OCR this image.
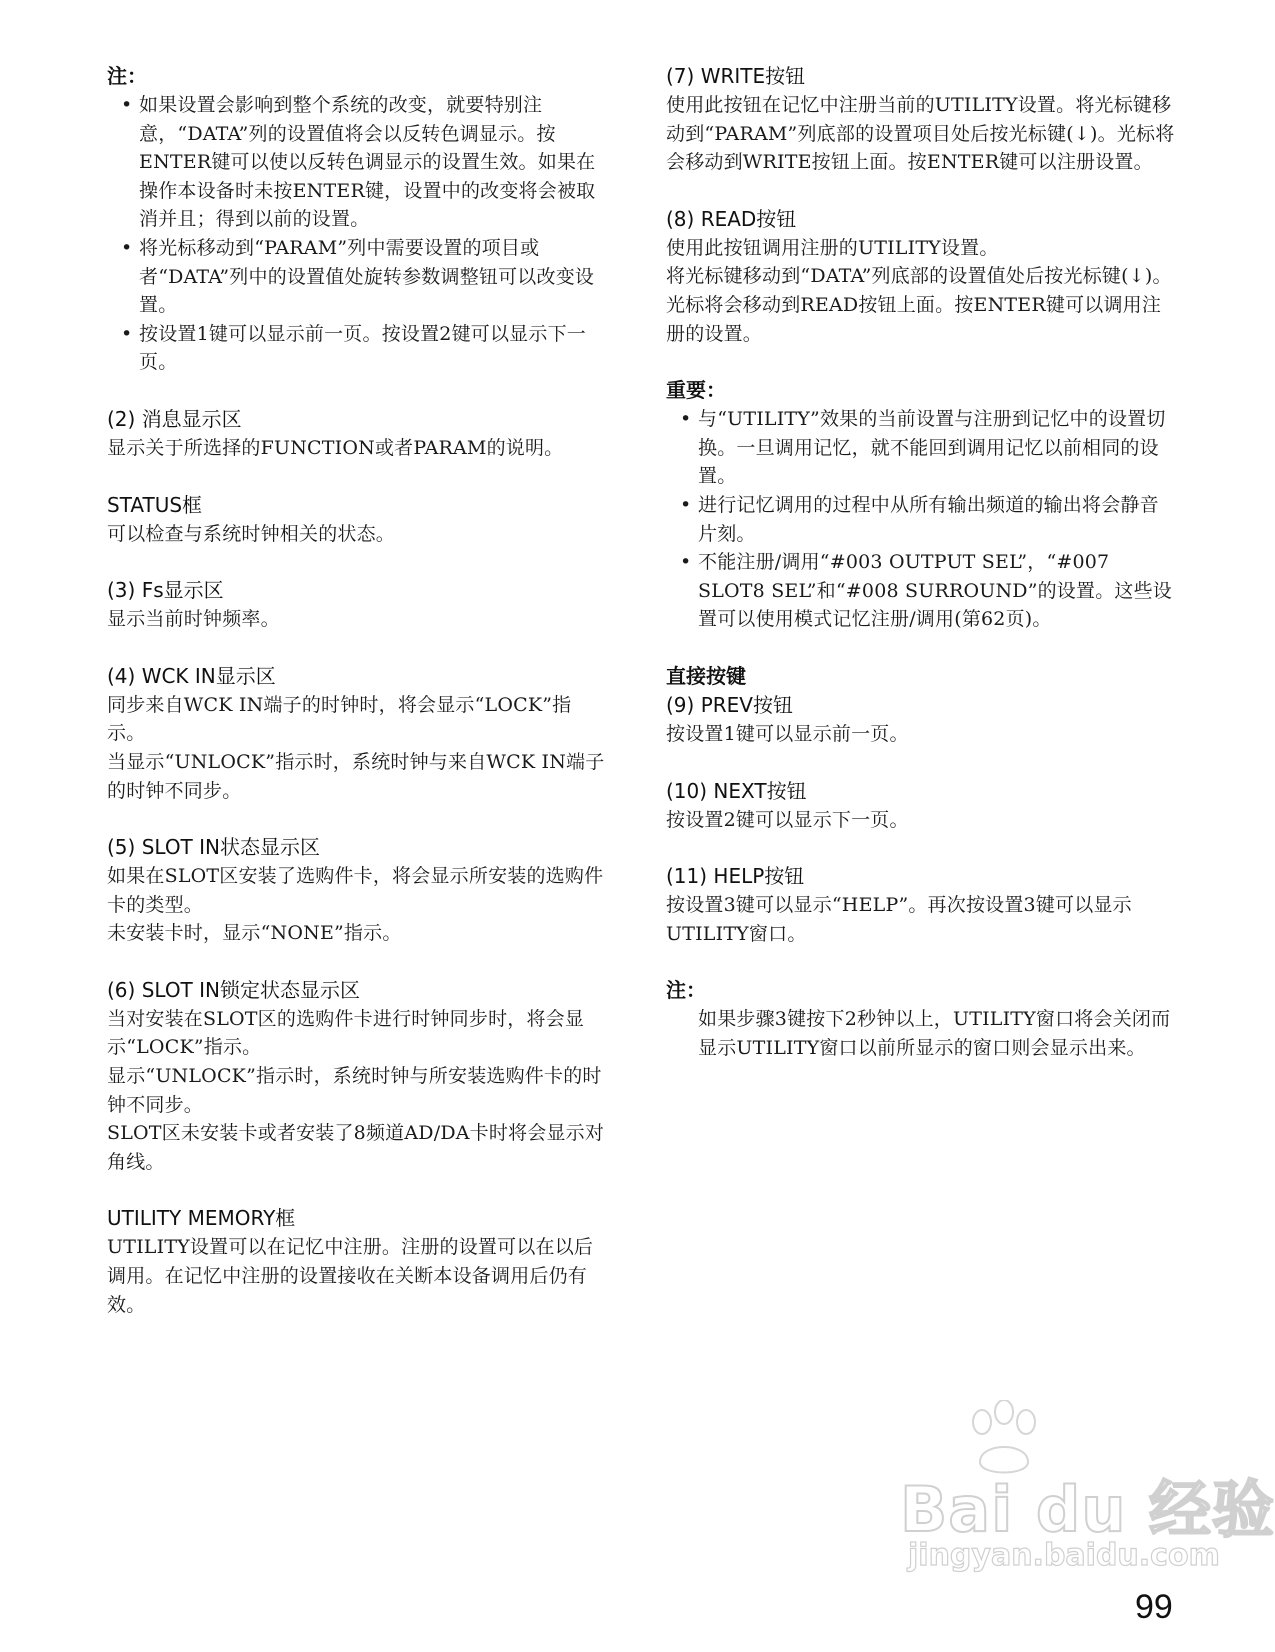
注：
• 如果设置会影响到整个系统的改变，就要特别注意，“DATA”列的设置值将会以反转色调显示。按ENTER键可以使以反转色调显示的设置生效。如果在操作本设备时未按ENTER键，设置中的改变将会被取消并且；得到以前的设置。
• 将光标移动到“PARAM”列中需要设置的项目或者“DATA”列中的设置值处旋转参数调整钮可以改变设置。
• 按设置1键可以显示前一页。按设置2键可以显示下一页。
(2) 消息显示区
显示关于所选择的FUNCTION或者PARAM的说明。
STATUS框
可以检查与系统时钟相关的状态。
(3) Fs显示区
显示当前时钟频率。
(4) WCK IN显示区
同步来自WCK IN端子的时钟时，将会显示“LOCK”指示。
当显示“UNLOCK”指示时，系统时钟与来自WCK IN端子的时钟不同步。
(5) SLOT IN状态显示区
如果在SLOT区安装了选购件卡，将会显示所安装的选购件卡的类型。
未安装卡时，显示“NONE”指示。
(6) SLOT IN锁定状态显示区
当对安装在SLOT区的选购件卡进行时钟同步时，将会显示“LOCK”指示。
显示“UNLOCK”指示时，系统时钟与所安装选购件卡的时钟不同步。
SLOT区未安装卡或者安装了8频道AD/DA卡时将会显示对角线。
UTILITY MEMORY框
UTILITY设置可以在记忆中注册。注册的设置可以在以后调用。在记忆中注册的设置接收在关断本设备调用后仍有效。
(7) WRITE按钮
使用此按钮在记忆中注册当前的UTILITY设置。将光标键移动到“PARAM”列底部的设置项目处后按光标键(↓)。光标将会移动到WRITE按钮上面。按ENTER键可以注册设置。
(8) READ按钮
使用此按钮调用注册的UTILITY设置。
将光标键移动到“DATA”列底部的设置值处后按光标键(↓)。光标将会移动到READ按钮上面。按ENTER键可以调用注册的设置。
重要：
• 与“UTILITY”效果的当前设置与注册到记忆中的设置切换。一旦调用记忆，就不能回到调用记忆以前相同的设置。
• 进行记忆调用的过程中从所有输出频道的输出将会静音片刻。
• 不能注册/调用“#003 OUTPUT SEL”，“#007 SLOT8 SEL”和“#008 SURROUND”的设置。这些设置可以使用模式记忆注册/调用(第62页)。
直接按键
(9) PREV按钮
按设置1键可以显示前一页。
(10) NEXT按钮
按设置2键可以显示下一页。
(11) HELP按钮
按设置3键可以显示“HELP”。再次按设置3键可以显示UTILITY窗口。
注：
如果步骤3键按下2秒钟以上，UTILITY窗口将会关闭而显示UTILITY窗口以前所显示的窗口则会显示出来。
Bai du 经验
jingyan.baidu.com
99
